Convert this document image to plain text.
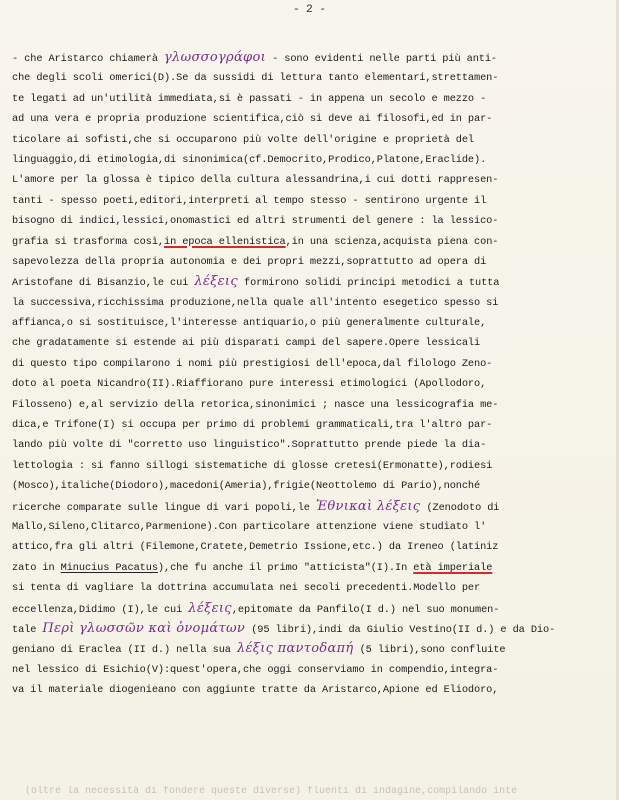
- 2 -
- che Aristarco chiamerà γλωσσογράφοι - sono evidenti nelle parti più anti-
che degli scoli omerici(D).Se da sussidi di lettura tanto elementari,strettamen-
te legati ad un'utilità immediata,si è passati - in appena un secolo e mezzo -
ad una vera e propria produzione scientifica,ciò si deve ai filosofi,ed in par-
ticolare ai sofisti,che si occuparono più volte dell'origine e proprietà del
linguaggio,di etimologia,di sinonimica(cf.Democrito,Prodico,Platone,Eraclide).
L'amore per la glossa è tipico della cultura alessandrina,i cui dotti rappresen-
tanti - spesso poeti,editori,interpreti al tempo stesso - sentirono urgente il
bisogno di indici,lessici,onomastici ed altri strumenti del genere : la lessico-
grafia si trasforma così,in epoca ellenistica,in una scienza,acquista piena con-
sapevolezza della propria autonomia e dei propri mezzi,soprattutto ad opera di
Aristofane di Bisanzio,le cui λέξεις formirono solidi principi metodici a tutta
la successiva,ricchissima produzione,nella quale all'intento esegetico spesso si
affianca,o si sostituisce,l'interesse antiquario,o più generalmente culturale,
che gradatamente si estende ai più disparati campi del sapere.Opere lessicali
di questo tipo compilarono i nomi più prestigiosi dell'epoca,dal filologo Zeno-
doto al poeta Nicandro(II).Riaffiorano pure interessi etimologici (Apollodoro,
Filosseno) e,al servizio della retorica,sinonimici ; nasce una lessicografia me-
dica,e Trifone(I) si occupa per primo di problemi grammaticali,tra l'altro par-
lando più volte di "corretto uso linguistico".Soprattutto prende piede la dia-
lettologia : si fanno sillogi sistematiche di glosse cretesi(Ermonatte),rodiesi
(Mosco),italiche(Diodoro),macedoni(Ameria),frigie(Neottolemo di Pario),nonché
ricerche comparate sulle lingue di vari popoli,le Ἐθνικαὶ λέξεις (Zenodoto di
Mallo,Sileno,Clitarco,Parmenione).Con particolare attenzione viene studiato l'
attico,fra gli altri (Filemone,Cratete,Demetrio Issione,etc.) da Ireneo (latiniz
zato in Minucius Pacatus),che fu anche il primo "atticista"(I).In età imperiale
si tenta di vagliare la dottrina accumulata nei secoli precedenti.Modello per
eccellenza,Didimo (I),le cui λέξεις,epitomate da Panfilo(I d.) nel suo monumen-
tale Περὶ γλωσσῶν καὶ ὀνομάτων (95 libri),indi da Giulio Vestino(II d.) e da Dio-
geniano di Eraclea (II d.) nella sua λέξις παντοδαπή (5 libri),sono confluite
nel lessico di Esichio(V):quest'opera,che oggi conserviamo in compendio,integra-
va il materiale diogenieano con aggiunte tratte da Aristarco,Apione ed Eliodoro,
(oltre la necessità di fondere queste diverse) fluenti di indagine,compilando inte
